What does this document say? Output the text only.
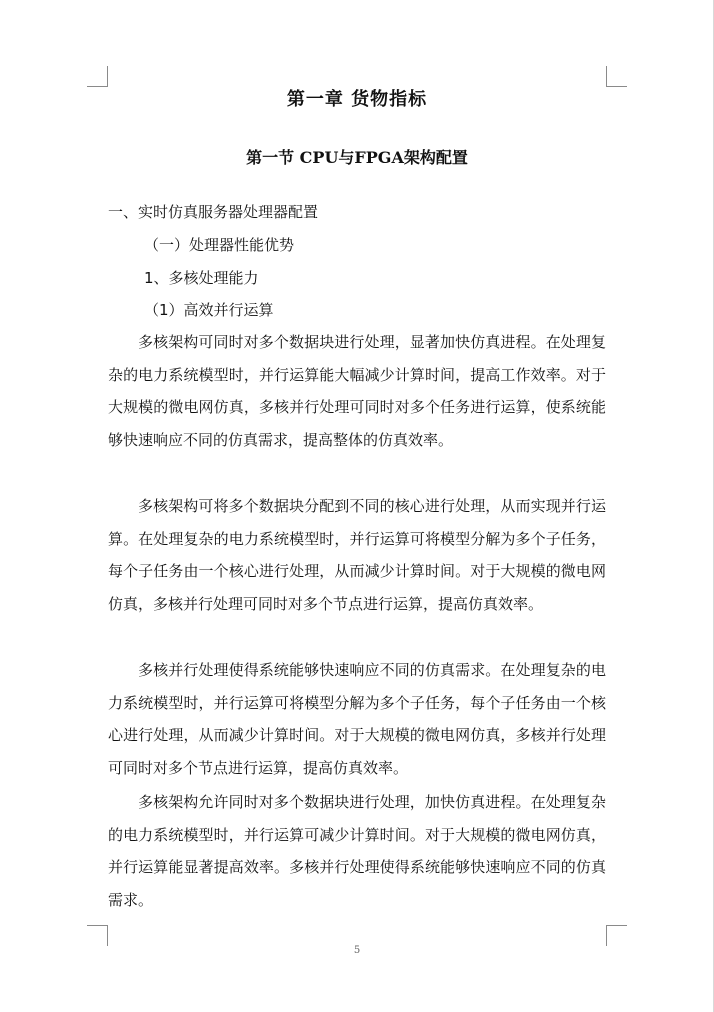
第一章 货物指标
第一节 CPU与FPGA架构配置
一、实时仿真服务器处理器配置
（一）处理器性能优势
1、多核处理能力
（1）高效并行运算

多核架构可同时对多个数据块进行处理，显著加快仿真进程。在处理复杂的电力系统模型时，并行运算能大幅减少计算时间，提高工作效率。对于大规模的微电网仿真，多核并行处理可同时对多个任务进行运算，使系统能够快速响应不同的仿真需求，提高整体的仿真效率。

多核架构可将多个数据块分配到不同的核心进行处理，从而实现并行运算。在处理复杂的电力系统模型时，并行运算可将模型分解为多个子任务，每个子任务由一个核心进行处理，从而减少计算时间。对于大规模的微电网仿真，多核并行处理可同时对多个节点进行运算，提高仿真效率。

多核并行处理使得系统能够快速响应不同的仿真需求。在处理复杂的电力系统模型时，并行运算可将模型分解为多个子任务，每个子任务由一个核心进行处理，从而减少计算时间。对于大规模的微电网仿真，多核并行处理可同时对多个节点进行运算，提高仿真效率。

多核架构允许同时对多个数据块进行处理，加快仿真进程。在处理复杂的电力系统模型时，并行运算可减少计算时间。对于大规模的微电网仿真，并行运算能显著提高效率。多核并行处理使得系统能够快速响应不同的仿真需求。

5
